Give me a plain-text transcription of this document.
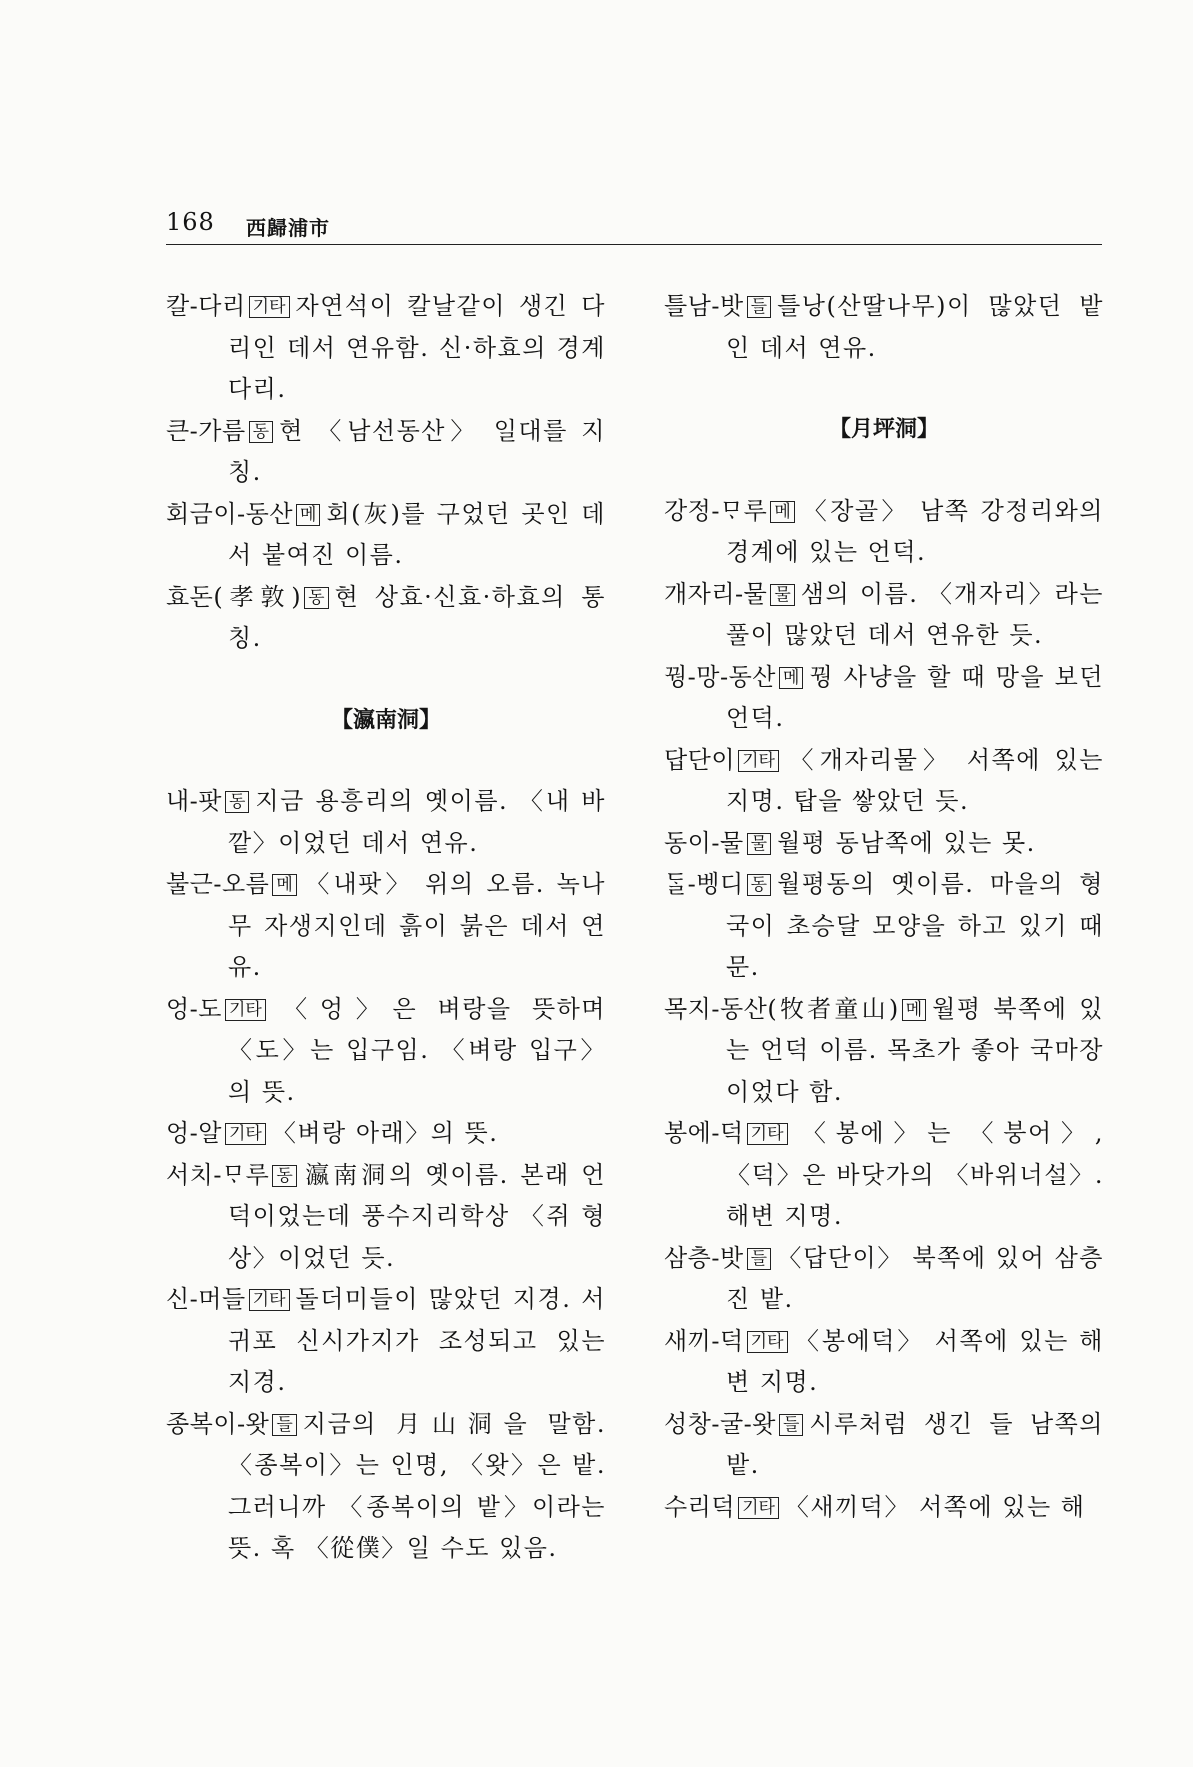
168 西歸浦市

칼-다리 기타 자연석이 칼날같이 생긴 다리인 데서 연유함. 신·하효의 경계 다리.

큰-가름 동 현 〈남선동산〉 일대를 지칭.

회금이-동산 메 회(灰)를 구었던 곳인 데서 붙여진 이름.

효돈(孝敦) 동 현 상효·신효·하효의 통칭.

【瀛南洞】

내-팟 동 지금 용흥리의 옛이름. 〈내 바깥〉이었던 데서 연유.

불근-오름 메 〈내팟〉 위의 오름. 녹나무 자생지인데 흙이 붉은 데서 연유.

엉-도 기타 〈엉〉은 벼랑을 뜻하며 〈도〉는 입구임. 〈벼랑 입구〉의 뜻.

엉-알 기타 〈벼랑 아래〉의 뜻.

서치-ᄆᆞ루 동 瀛南洞의 옛이름. 본래 언덕이었는데 풍수지리학상 〈쥐 형상〉이었던 듯.

신-머들 기타 돌더미들이 많았던 지경. 서귀포 신시가지가 조성되고 있는 지경.

종복이-왓 들 지금의 月山洞을 말함. 〈종복이〉는 인명, 〈왓〉은 밭. 그러니까 〈종복이의 밭〉이라는 뜻. 혹 〈從僕〉일 수도 있음.

틀남-밧 들 틀낭(산딸나무)이 많았던 밭인 데서 연유.

【月坪洞】

강정-ᄆᆞ루 메 〈장골〉 남쪽 강정리와의 경계에 있는 언덕.

개자리-물 물 샘의 이름. 〈개자리〉라는 풀이 많았던 데서 연유한 듯.

꿩-망-동산 메 꿩 사냥을 할 때 망을 보던 언덕.

답단이 기타 〈개자리물〉 서쪽에 있는 지명. 탑을 쌓았던 듯.

동이-물 물 월평 동남쪽에 있는 못.

ᄃᆞᆯ-벵디 동 월평동의 옛이름. 마을의 형국이 초승달 모양을 하고 있기 때문.

목지-동산(牧者童山) 메 월평 북쪽에 있는 언덕 이름. 목초가 좋아 국마장이었다 함.

봉에-덕 기타 〈봉에〉는 〈붕어〉, 〈덕〉은 바닷가의 〈바위너설〉. 해변 지명.

삼층-밧 들 〈답단이〉 북쪽에 있어 삼층진 밭.

새끼-덕 기타 〈봉에덕〉 서쪽에 있는 해변 지명.

성창-굴-왓 들 시루처럼 생긴 들 남쪽의 밭.

수리덕 기타 〈새끼덕〉 서쪽에 있는 해
